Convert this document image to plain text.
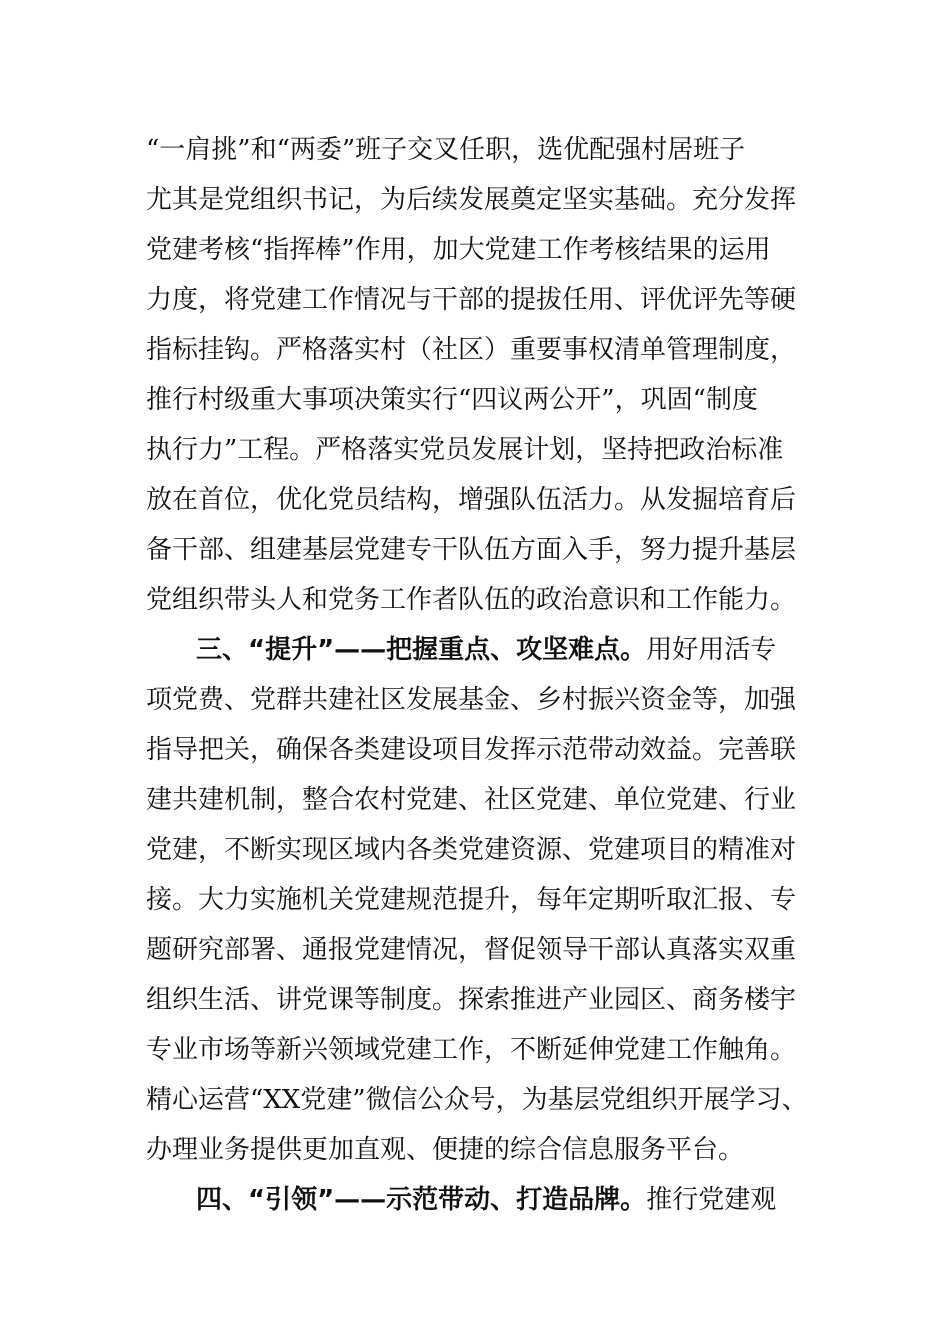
“一肩挑”和“两委”班子交叉任职，选优配强村居班子
尤其是党组织书记，为后续发展奠定坚实基础。充分发挥
党建考核“指挥棒”作用，加大党建工作考核结果的运用
力度，将党建工作情况与干部的提拔任用、评优评先等硬
指标挂钩。严格落实村（社区）重要事权清单管理制度，
推行村级重大事项决策实行“四议两公开”，巩固“制度
执行力”工程。严格落实党员发展计划，坚持把政治标准
放在首位，优化党员结构，增强队伍活力。从发掘培育后
备干部、组建基层党建专干队伍方面入手，努力提升基层
党组织带头人和党务工作者队伍的政治意识和工作能力。
三、“提升”——把握重点、攻坚难点。用好用活专
项党费、党群共建社区发展基金、乡村振兴资金等，加强
指导把关，确保各类建设项目发挥示范带动效益。完善联
建共建机制，整合农村党建、社区党建、单位党建、行业
党建，不断实现区域内各类党建资源、党建项目的精准对
接。大力实施机关党建规范提升，每年定期听取汇报、专
题研究部署、通报党建情况，督促领导干部认真落实双重
组织生活、讲党课等制度。探索推进产业园区、商务楼宇
专业市场等新兴领域党建工作，不断延伸党建工作触角。
精心运营“XX党建”微信公众号，为基层党组织开展学习、
办理业务提供更加直观、便捷的综合信息服务平台。
四、“引领”——示范带动、打造品牌。推行党建观
